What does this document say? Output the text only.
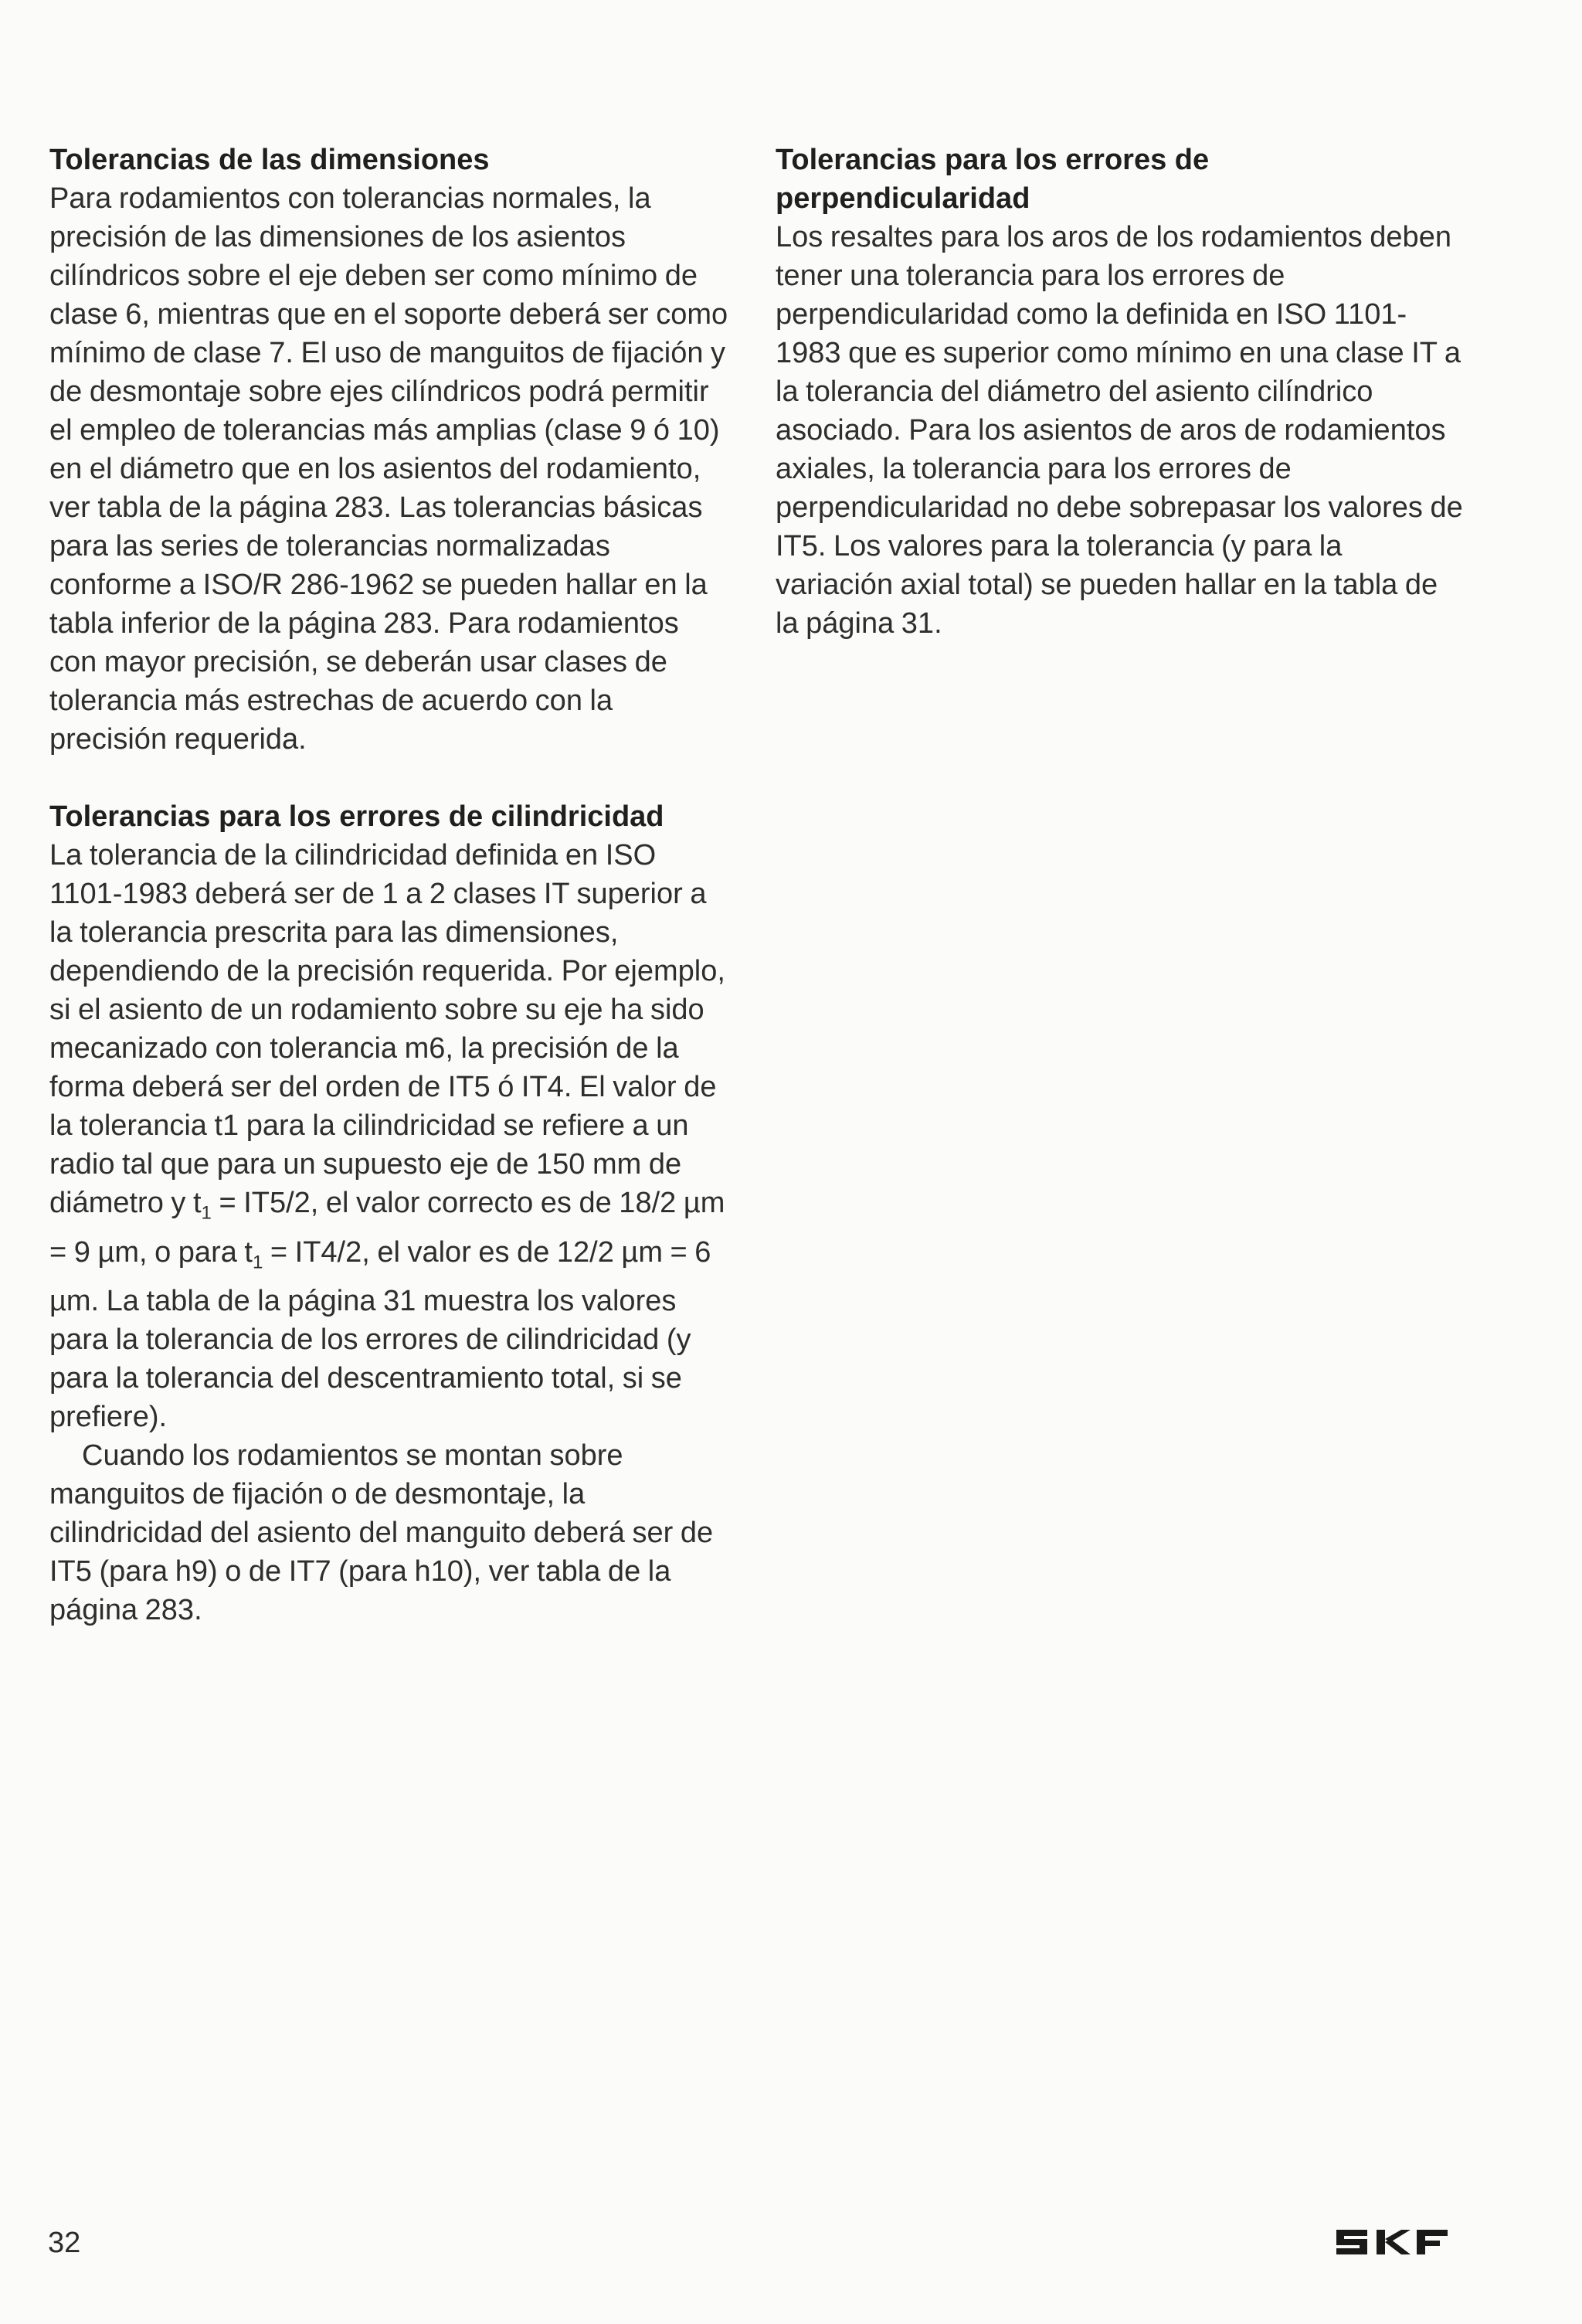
Tolerancias de las dimensiones

Para rodamientos con tolerancias normales, la precisión de las dimensiones de los asientos cilíndricos sobre el eje deben ser como mínimo de clase 6, mientras que en el soporte deberá ser como mínimo de clase 7. El uso de manguitos de fijación y de desmontaje sobre ejes cilíndricos podrá permitir el empleo de tolerancias más amplias (clase 9 ó 10) en el diámetro que en los asientos del rodamiento, ver tabla de la página 283. Las tolerancias básicas para las series de tolerancias normalizadas conforme a ISO/R 286-1962 se pueden hallar en la tabla inferior de la página 283. Para rodamientos con mayor precisión, se deberán usar clases de tolerancia más estrechas de acuerdo con la precisión requerida.

Tolerancias para los errores de cilindricidad

La tolerancia de la cilindricidad definida en ISO 1101-1983 deberá ser de 1 a 2 clases IT superior a la tolerancia prescrita para las dimensiones, dependiendo de la precisión requerida. Por ejemplo, si el asiento de un rodamiento sobre su eje ha sido mecanizado con tolerancia m6, la precisión de la forma deberá ser del orden de IT5 ó IT4. El valor de la tolerancia t1 para la cilindricidad se refiere a un radio tal que para un supuesto eje de 150 mm de diámetro y $t_1 = IT5/2$, el valor correcto es de 18/2 µm = 9 µm, o para $t_1 = IT4/2$, el valor es de 12/2 µm = 6 µm. La tabla de la página 31 muestra los valores para la tolerancia de los errores de cilindricidad (y para la tolerancia del descentramiento total, si se prefiere).

Cuando los rodamientos se montan sobre manguitos de fijación o de desmontaje, la cilindricidad del asiento del manguito deberá ser de IT5 (para h9) o de IT7 (para h10), ver tabla de la página 283.

Tolerancias para los errores de perpendicularidad

Los resaltes para los aros de los rodamientos deben tener una tolerancia para los errores de perpendicularidad como la definida en ISO 1101-1983 que es superior como mínimo en una clase IT a la tolerancia del diámetro del asiento cilíndrico asociado. Para los asientos de aros de rodamientos axiales, la tolerancia para los errores de perpendicularidad no debe sobrepasar los valores de IT5. Los valores para la tolerancia (y para la variación axial total) se pueden hallar en la tabla de la página 31.

32
